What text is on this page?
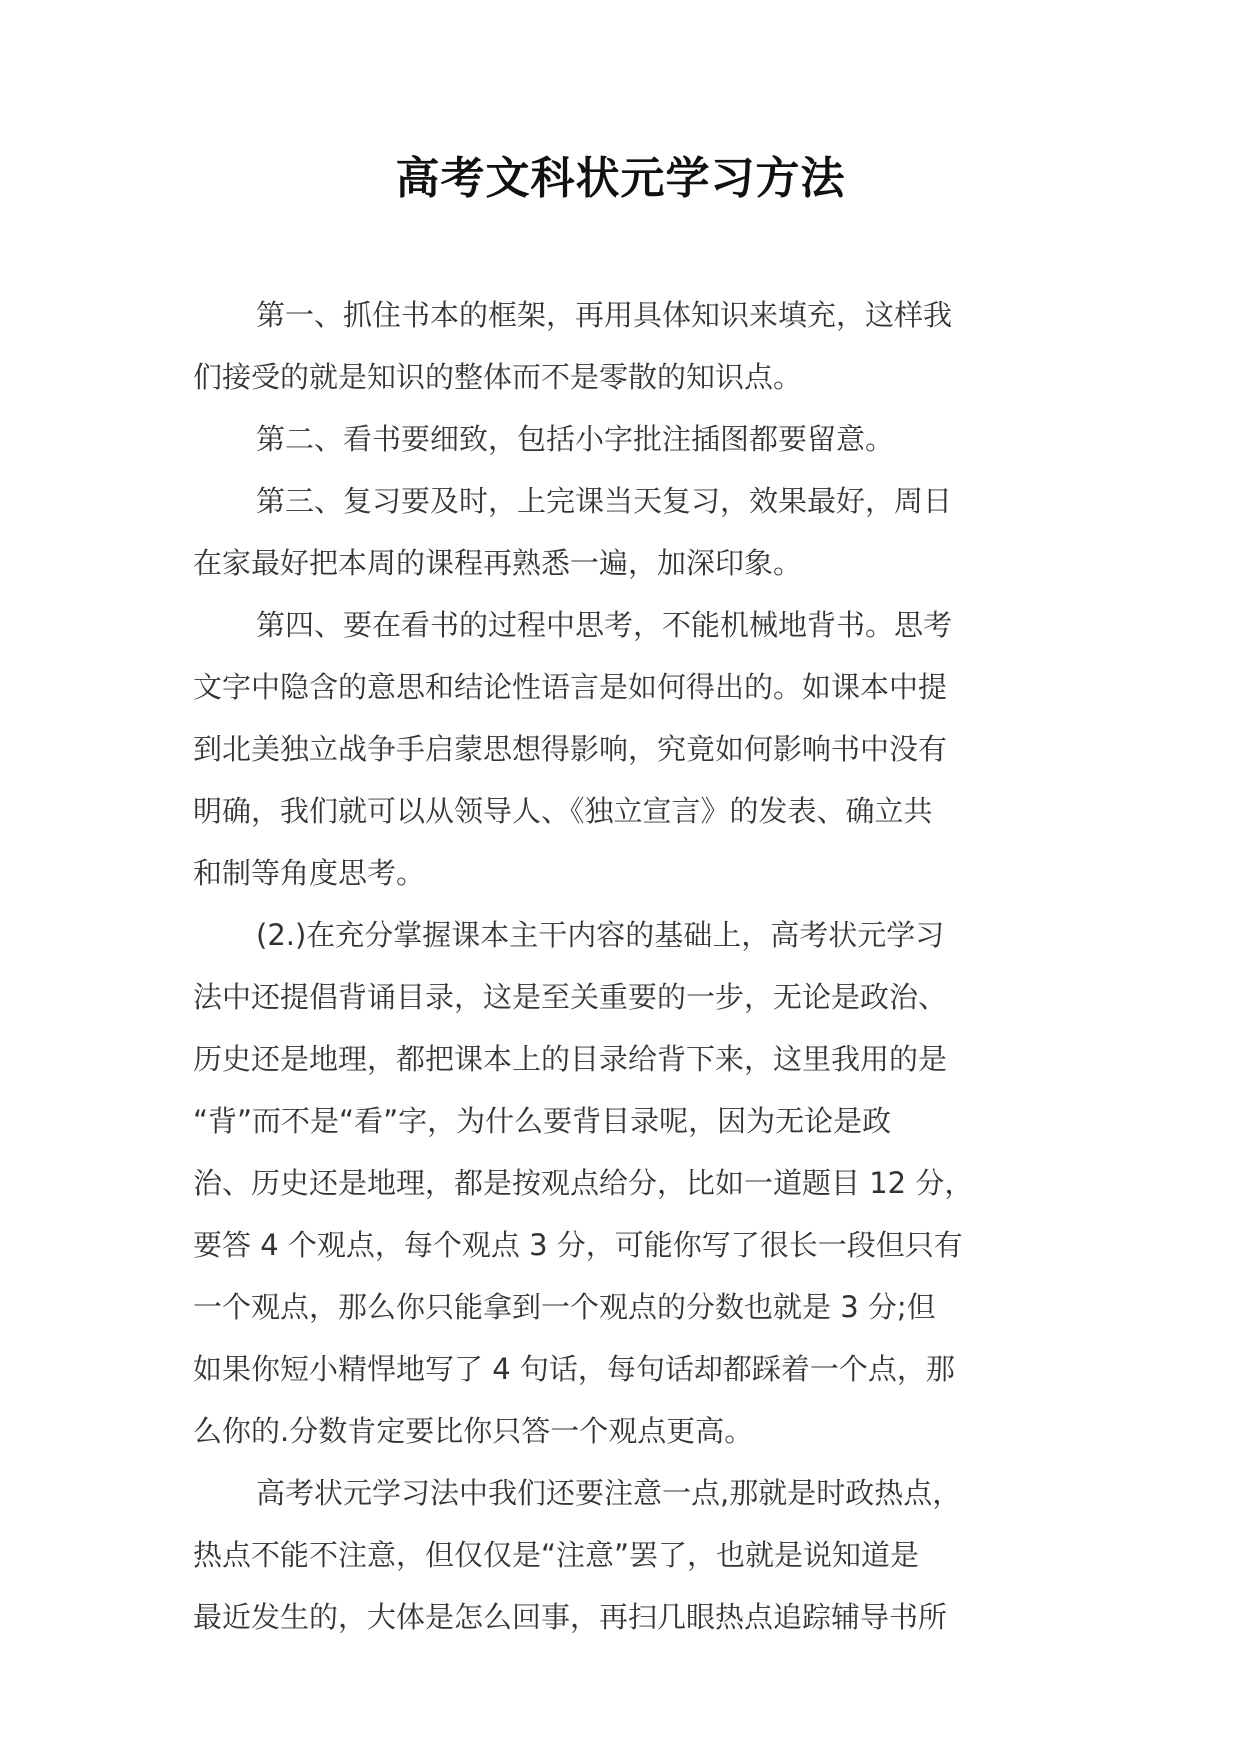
高考文科状元学习方法
第一、抓住书本的框架，再用具体知识来填充，这样我
们接受的就是知识的整体而不是零散的知识点。
第二、看书要细致，包括小字批注插图都要留意。
第三、复习要及时，上完课当天复习，效果最好，周日
在家最好把本周的课程再熟悉一遍，加深印象。
第四、要在看书的过程中思考，不能机械地背书。思考
文字中隐含的意思和结论性语言是如何得出的。如课本中提
到北美独立战争手启蒙思想得影响，究竟如何影响书中没有
明确，我们就可以从领导人、《独立宣言》的发表、确立共
和制等角度思考。
(2.)在充分掌握课本主干内容的基础上，高考状元学习
法中还提倡背诵目录，这是至关重要的一步，无论是政治、
历史还是地理，都把课本上的目录给背下来，这里我用的是
“背”而不是“看”字，为什么要背目录呢，因为无论是政
治、历史还是地理，都是按观点给分，比如一道题目 12 分，
要答 4 个观点，每个观点 3 分，可能你写了很长一段但只有
一个观点，那么你只能拿到一个观点的分数也就是 3 分;但
如果你短小精悍地写了 4 句话，每句话却都踩着一个点，那
么你的.分数肯定要比你只答一个观点更高。
高考状元学习法中我们还要注意一点,那就是时政热点，
热点不能不注意，但仅仅是“注意”罢了，也就是说知道是
最近发生的，大体是怎么回事，再扫几眼热点追踪辅导书所
